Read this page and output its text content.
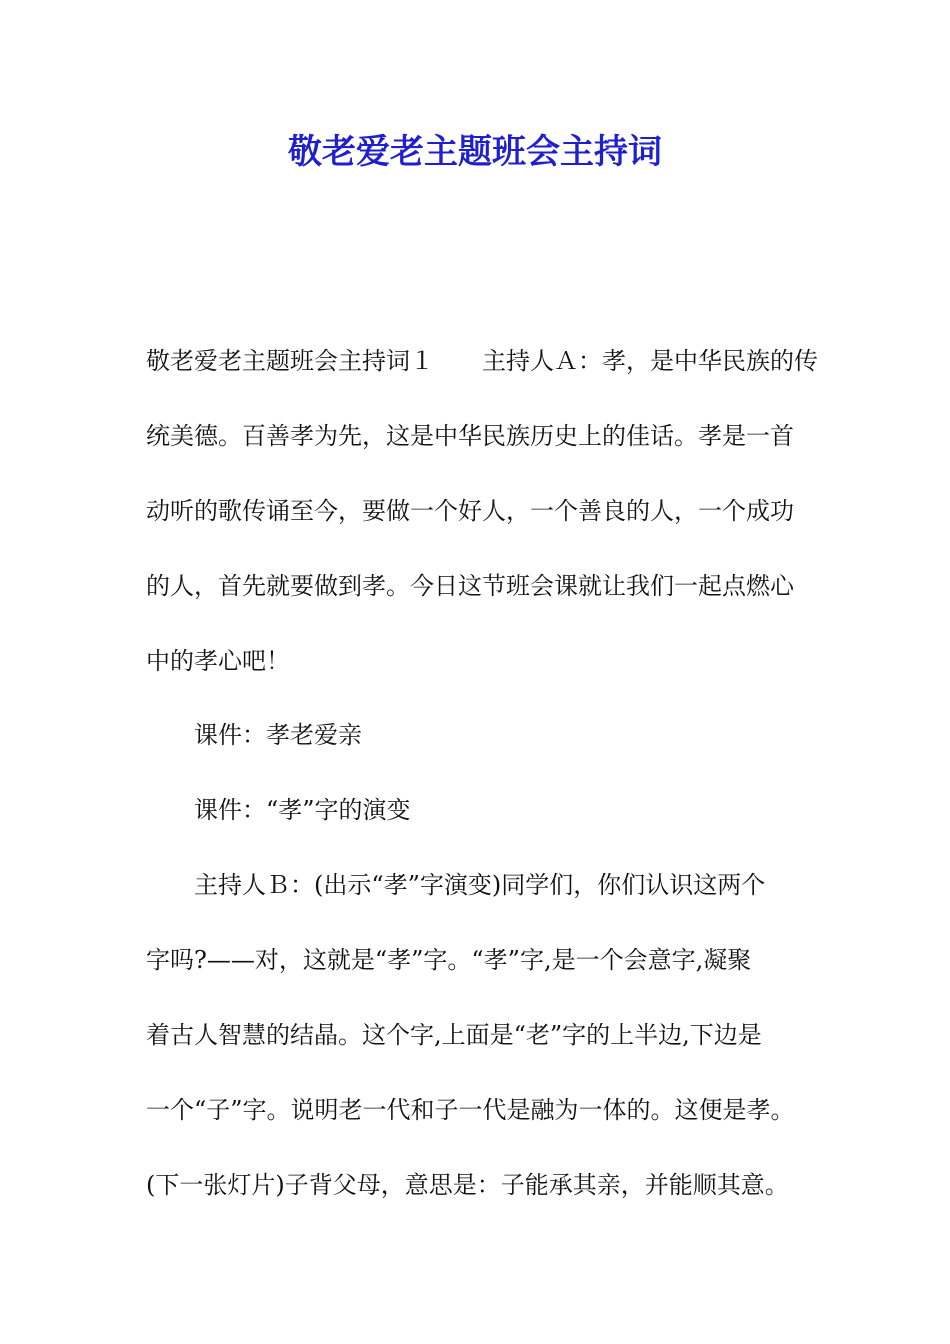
敬老爱老主题班会主持词
敬老爱老主题班会主持词１　　主持人Ａ：孝，是中华民族的传
统美德。百善孝为先，这是中华民族历史上的佳话。孝是一首
动听的歌传诵至今，要做一个好人，一个善良的人，一个成功
的人，首先就要做到孝。今日这节班会课就让我们一起点燃心
中的孝心吧！
课件：孝老爱亲
课件：“孝”字的演变
主持人Ｂ：(出示“孝”字演变)同学们，你们认识这两个
字吗?——对，这就是“孝”字。“孝”字,是一个会意字,凝聚
着古人智慧的结晶。这个字,上面是“老”字的上半边,下边是
一个“子”字。说明老一代和子一代是融为一体的。这便是孝。
(下一张灯片)子背父母，意思是：子能承其亲，并能顺其意。
